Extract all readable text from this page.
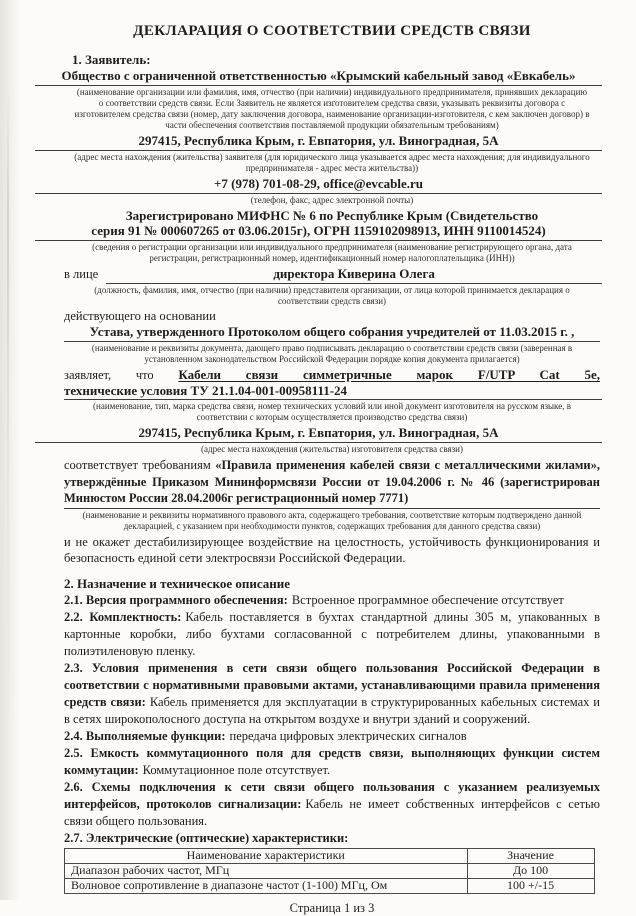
ДЕКЛАРАЦИЯ О СООТВЕТСТВИИ СРЕДСТВ СВЯЗИ

1. Заявитель:

Общество с ограниченной ответственностью «Крымский кабельный завод «Евкабель»
(наименование организации или фамилия, имя, отчество (при наличии) индивидуального предпринимателя, принявших декларацию о соответствии средств связи. Если Заявитель не является изготовителем средства связи, указывать реквизиты договора с изготовителем средства связи (номер, дату заключения договора, наименование организации-изготовителя, с кем заключен договор) в части обеспечения соответствия поставляемой продукции обязательным требованиям)
297415, Республика Крым, г. Евпатория, ул. Виноградная, 5А
(адрес места нахождения (жительства) заявителя (для юридического лица указывается адрес места нахождения; для индивидуального предпринимателя - адрес места жительства))
+7 (978) 701-08-29, office@evcable.ru
(телефон, факс, адрес электронной почты)
Зарегистрировано МИФНС № 6 по Республике Крым (Свидетельство
серия 91 № 000607265 от 03.06.2015г), ОГРН 1159102098913, ИНН 9110014524)
(сведения о регистрации организации или индивидуального предпринимателя (наименование регистрирующего органа, дата регистрации, регистрационный номер, идентификационный номер налогоплательщика (ИНН))
в лице	директора Киверина Олега
(должность, фамилия, имя, отчество (при наличии) представителя организации, от лица которой принимается декларация о соответствии средств связи)
действующего на основании
Устава, утвержденного Протоколом общего собрания учредителей от 11.03.2015 г. ,
(наименование и реквизиты документа, дающего право подписывать декларацию о соответствии средств связи (заверенная в установленном законодательством Российской Федерации порядке копия документа прилагается)
заявляет, что Кабели связи симметричные марок F/UTP Cat 5e,
технические условия ТУ 21.1.04-001-00958111-24
(наименование, тип, марка средства связи, номер технических условий или иной документ изготовителя на русском языке, в соответствии с которым осуществляется производство средства связи)
297415, Республика Крым, г. Евпатория, ул. Виноградная, 5А
(адрес места нахождения (жительства) изготовителя средства связи)

соответствует требованиям «Правила применения кабелей связи с металлическими жилами», утверждённые Приказом Мининформсвязи России от 19.04.2006 г. № 46 (зарегистрирован Минюстом России 28.04.2006г регистрационный номер 7771)

(наименование и реквизиты нормативного правового акта, содержащего требования, соответствие которым подтверждено данной декларацией, с указанием при необходимости пунктов, содержащих требования для данного средства связи)

и не окажет дестабилизирующее воздействие на целостность, устойчивость функционирования и безопасность единой сети электросвязи Российской Федерации.

2. Назначение и техническое описание

2.1. Версия программного обеспечения: Встроенное программное обеспечение отсутствует

2.2. Комплектность: Кабель поставляется в бухтах стандартной длины 305 м, упакованных в картонные коробки, либо бухтами согласованной с потребителем длины, упакованными в полиэтиленовую пленку.

2.3. Условия применения в сети связи общего пользования Российской Федерации в соответствии с нормативными правовыми актами, устанавливающими правила применения средств связи: Кабель применяется для эксплуатации в структурированных кабельных системах и в сетях широкополосного доступа на открытом воздухе и внутри зданий и сооружений.

2.4. Выполняемые функции: передача цифровых электрических сигналов

2.5. Емкость коммутационного поля для средств связи, выполняющих функции систем коммутации: Коммутационное поле отсутствует.

2.6. Схемы подключения к сети связи общего пользования с указанием реализуемых интерфейсов, протоколов сигнализации: Кабель не имеет собственных интерфейсов с сетью связи общего пользования.

2.7. Электрические (оптические) характеристики:

Наименование характеристики	Значение
Диапазон рабочих частот, МГц	До 100
Волновое сопротивление в диапазоне частот (1-100) МГц, Ом	100 +/-15
Страница 1 из 3
